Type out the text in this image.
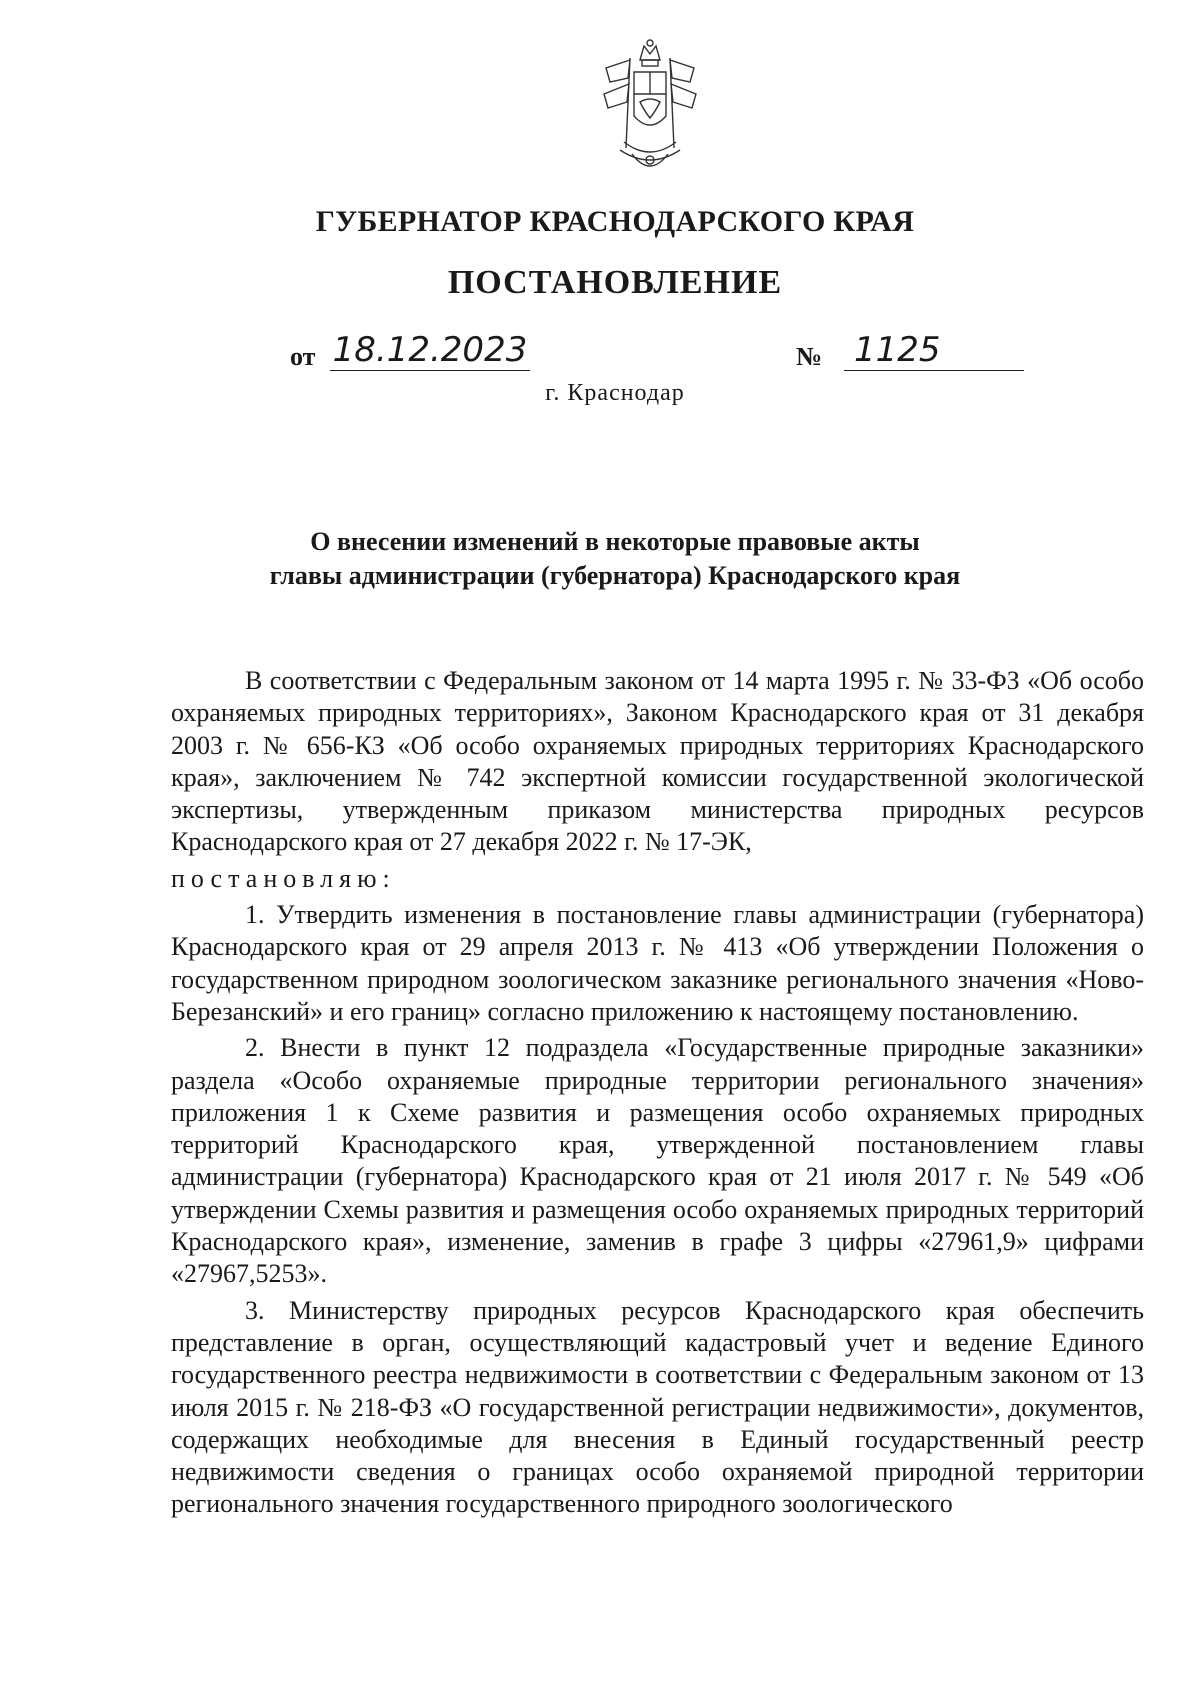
ГУБЕРНАТОР КРАСНОДАРСКОГО КРАЯ
ПОСТАНОВЛЕНИЕ
от 18.12.2023	№ 1125
г. Краснодар
О внесении изменений в некоторые правовые акты
главы администрации (губернатора) Краснодарского края

В соответствии с Федеральным законом от 14 марта 1995 г. № 33-ФЗ «Об особо охраняемых природных территориях», Законом Краснодарского края от 31 декабря 2003 г. № 656-КЗ «Об особо охраняемых природных территориях Краснодарского края», заключением № 742 экспертной комиссии государственной экологической экспертизы, утвержденным приказом министерства природных ресурсов Краснодарского края от 27 декабря 2022 г. № 17-ЭК,

постановляю:

1. Утвердить изменения в постановление главы администрации (губернатора) Краснодарского края от 29 апреля 2013 г. № 413 «Об утверждении Положения о государственном природном зоологическом заказнике регионального значения «Ново-Березанский» и его границ» согласно приложению к настоящему постановлению.

2. Внести в пункт 12 подраздела «Государственные природные заказники» раздела «Особо охраняемые природные территории регионального значения» приложения 1 к Схеме развития и размещения особо охраняемых природных территорий Краснодарского края, утвержденной постановлением главы администрации (губернатора) Краснодарского края от 21 июля 2017 г. № 549 «Об утверждении Схемы развития и размещения особо охраняемых природных территорий Краснодарского края», изменение, заменив в графе 3 цифры «27961,9» цифрами «27967,5253».

3. Министерству природных ресурсов Краснодарского края обеспечить представление в орган, осуществляющий кадастровый учет и ведение Единого государственного реестра недвижимости в соответствии с Федеральным законом от 13 июля 2015 г. № 218-ФЗ «О государственной регистрации недвижимости», документов, содержащих необходимые для внесения в Единый государственный реестр недвижимости сведения о границах особо охраняемой природной территории регионального значения государственного природного зоологического
